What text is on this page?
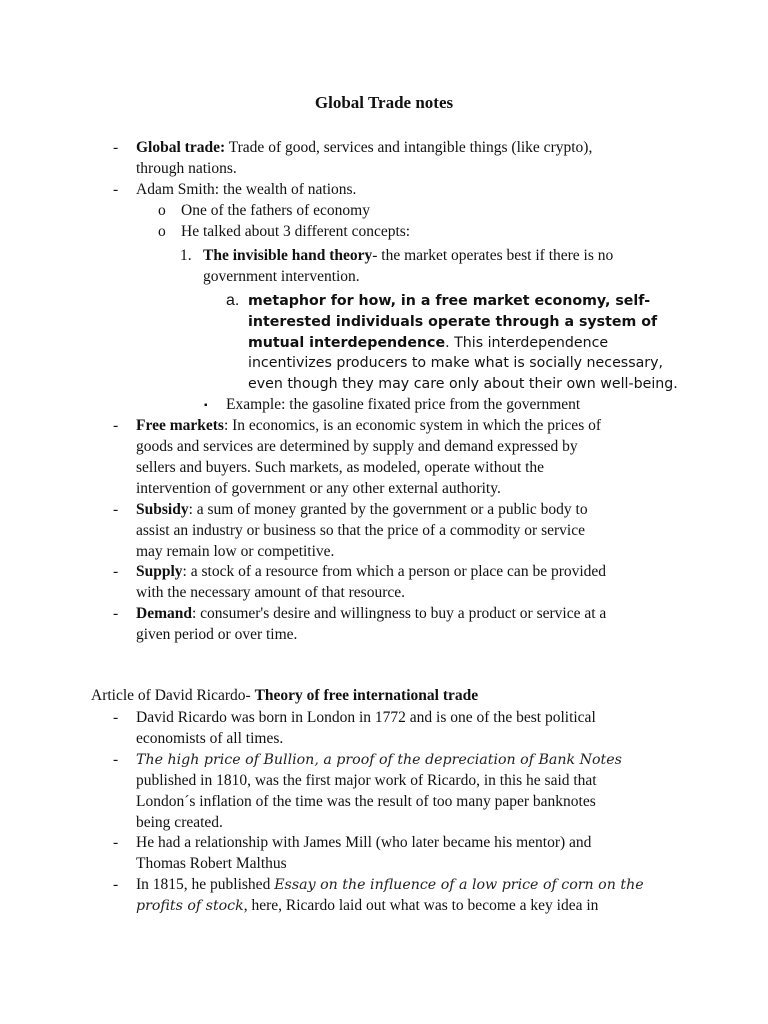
Global Trade notes
- Global trade: Trade of good, services and intangible things (like crypto),
through nations.
- Adam Smith: the wealth of nations.
o One of the fathers of economy
o He talked about 3 different concepts:
1. The invisible hand theory- the market operates best if there is no
government intervention.
a. metaphor for how, in a free market economy, self-
interested individuals operate through a system of
mutual interdependence. This interdependence
incentivizes producers to make what is socially necessary,
even though they may care only about their own well-being.
▪ Example: the gasoline fixated price from the government
- Free markets: In economics, is an economic system in which the prices of
goods and services are determined by supply and demand expressed by
sellers and buyers. Such markets, as modeled, operate without the
intervention of government or any other external authority.
- Subsidy: a sum of money granted by the government or a public body to
assist an industry or business so that the price of a commodity or service
may remain low or competitive.
- Supply: a stock of a resource from which a person or place can be provided
with the necessary amount of that resource.
- Demand: consumer's desire and willingness to buy a product or service at a
given period or over time.
Article of David Ricardo- Theory of free international trade
- David Ricardo was born in London in 1772 and is one of the best political
economists of all times.
- The high price of Bullion, a proof of the depreciation of Bank Notes
published in 1810, was the first major work of Ricardo, in this he said that
London´s inflation of the time was the result of too many paper banknotes
being created.
- He had a relationship with James Mill (who later became his mentor) and
Thomas Robert Malthus
- In 1815, he published Essay on the influence of a low price of corn on the
profits of stock, here, Ricardo laid out what was to become a key idea in
